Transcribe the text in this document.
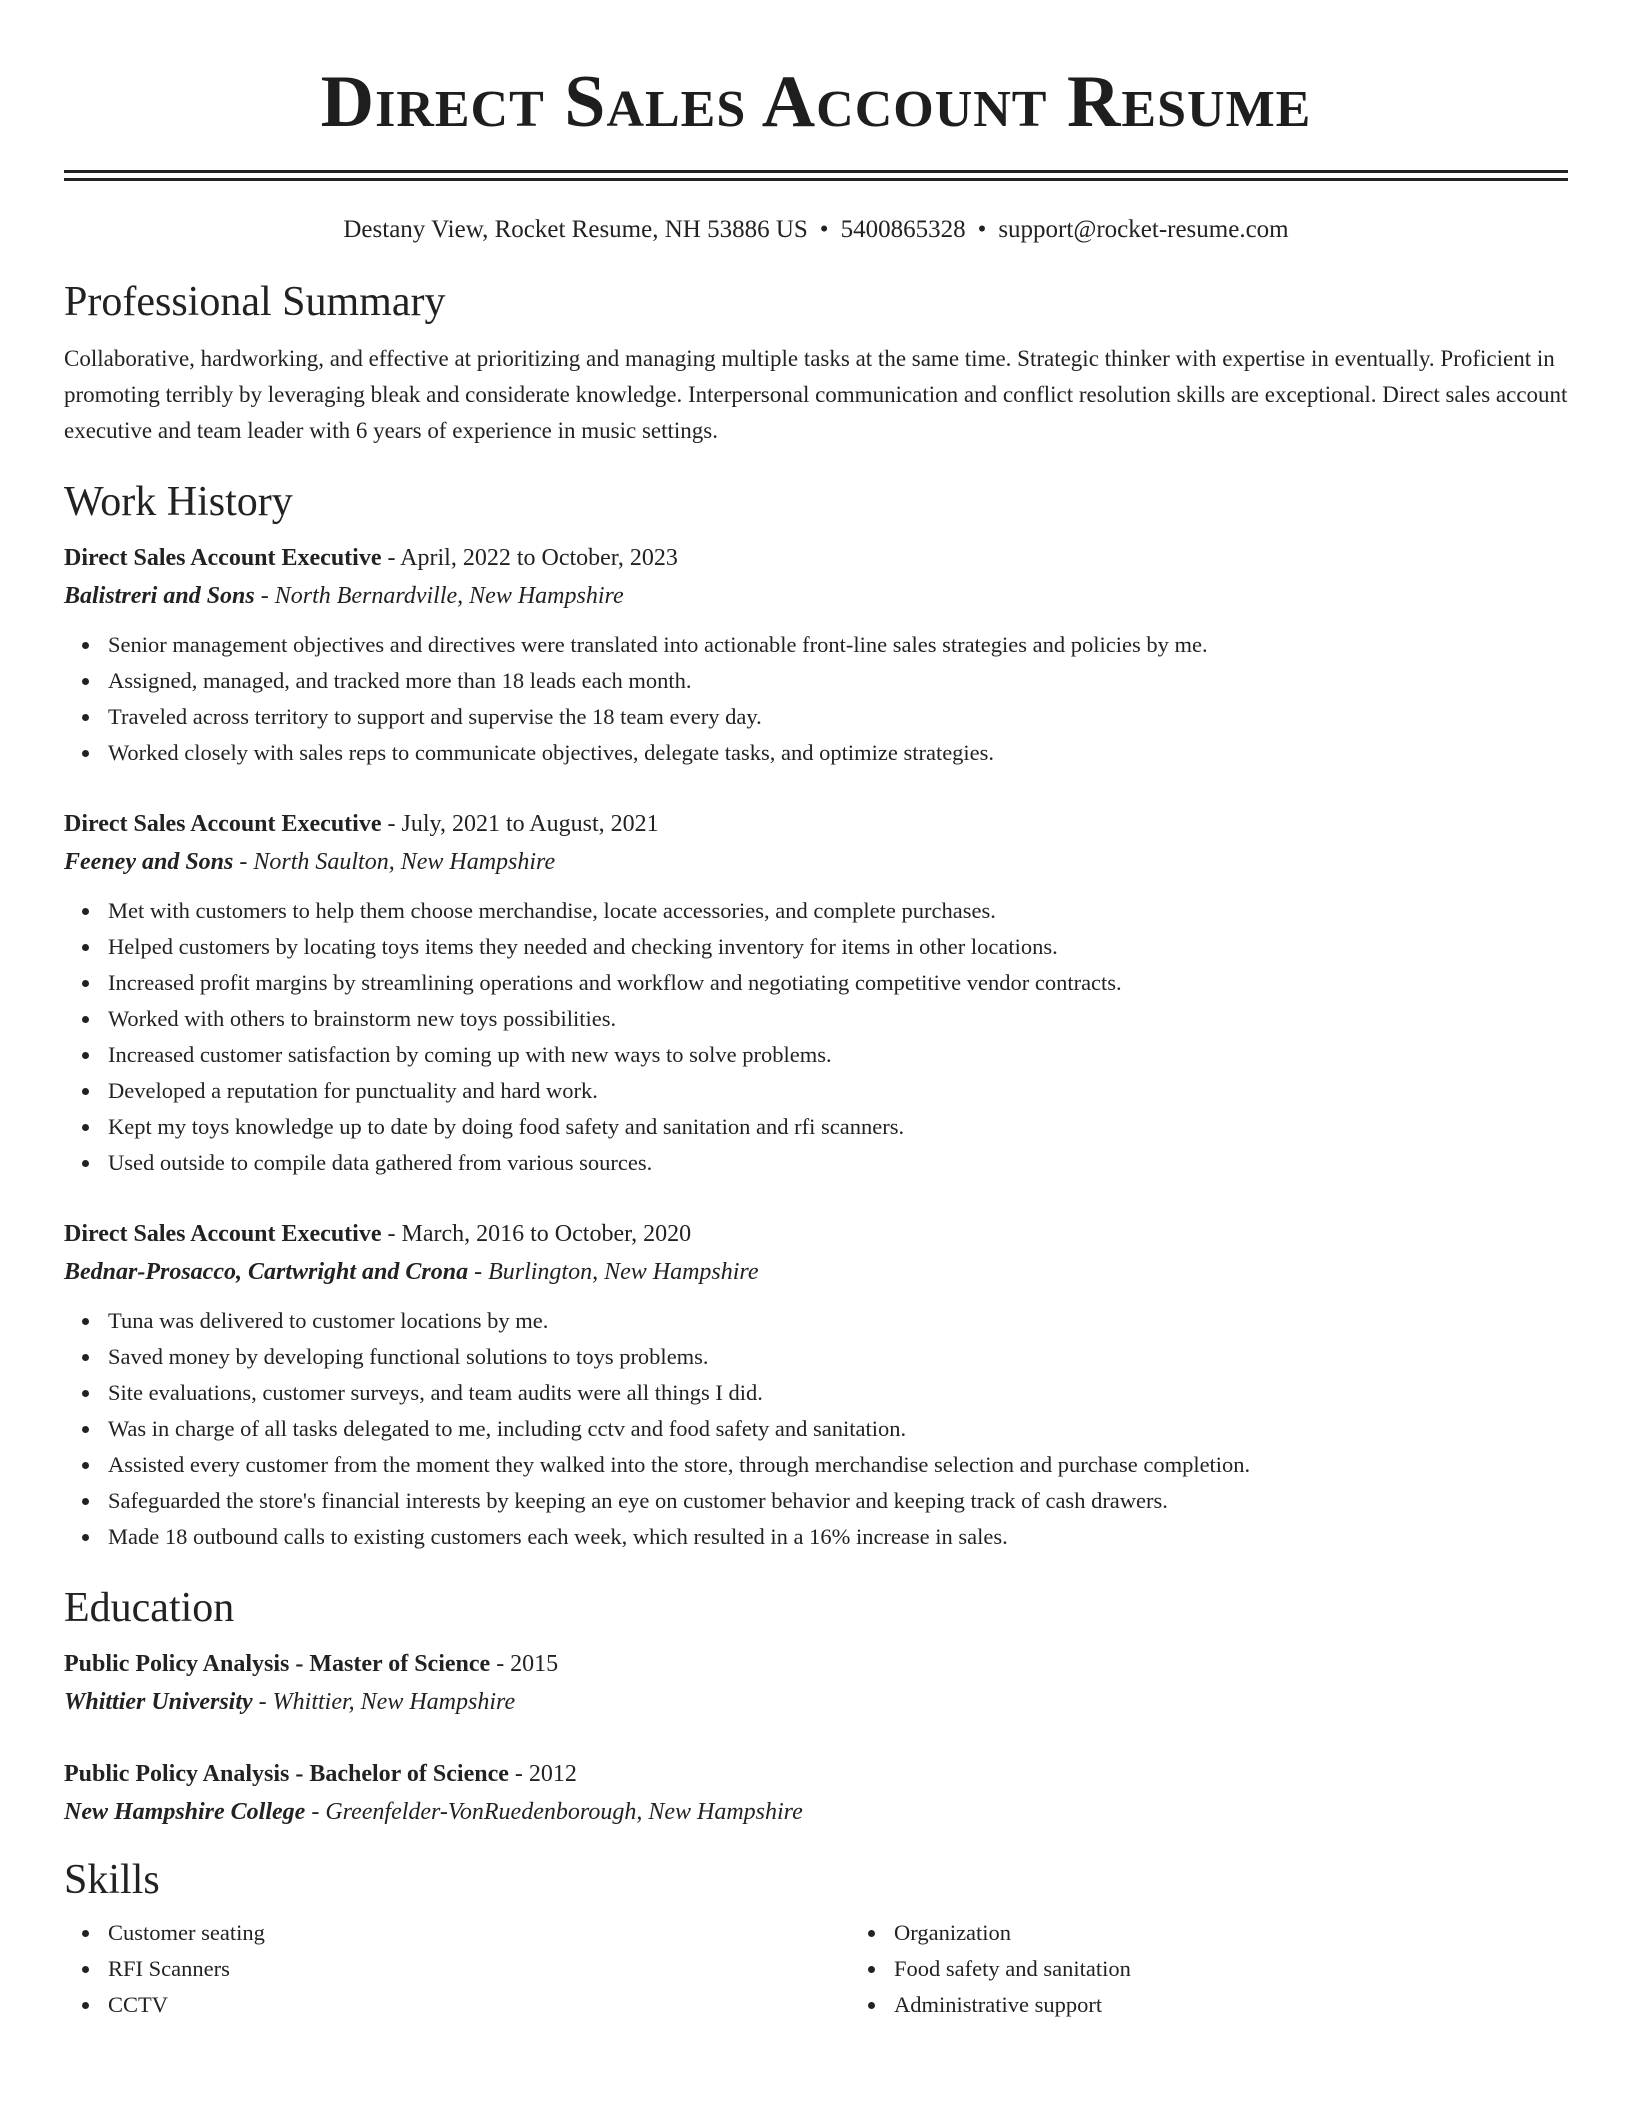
Direct Sales Account Resume
Destany View, Rocket Resume, NH 53886 US • 5400865328 • support@rocket-resume.com
Professional Summary

Collaborative, hardworking, and effective at prioritizing and managing multiple tasks at the same time. Strategic thinker with expertise in eventually. Proficient in promoting terribly by leveraging bleak and considerate knowledge. Interpersonal communication and conflict resolution skills are exceptional. Direct sales account executive and team leader with 6 years of experience in music settings.

Work History
Direct Sales Account Executive - April, 2022 to October, 2023
Balistreri and Sons - North Bernardville, New Hampshire
Senior management objectives and directives were translated into actionable front-line sales strategies and policies by me.
Assigned, managed, and tracked more than 18 leads each month.
Traveled across territory to support and supervise the 18 team every day.
Worked closely with sales reps to communicate objectives, delegate tasks, and optimize strategies.
Direct Sales Account Executive - July, 2021 to August, 2021
Feeney and Sons - North Saulton, New Hampshire
Met with customers to help them choose merchandise, locate accessories, and complete purchases.
Helped customers by locating toys items they needed and checking inventory for items in other locations.
Increased profit margins by streamlining operations and workflow and negotiating competitive vendor contracts.
Worked with others to brainstorm new toys possibilities.
Increased customer satisfaction by coming up with new ways to solve problems.
Developed a reputation for punctuality and hard work.
Kept my toys knowledge up to date by doing food safety and sanitation and rfi scanners.
Used outside to compile data gathered from various sources.
Direct Sales Account Executive - March, 2016 to October, 2020
Bednar-Prosacco, Cartwright and Crona - Burlington, New Hampshire
Tuna was delivered to customer locations by me.
Saved money by developing functional solutions to toys problems.
Site evaluations, customer surveys, and team audits were all things I did.
Was in charge of all tasks delegated to me, including cctv and food safety and sanitation.
Assisted every customer from the moment they walked into the store, through merchandise selection and purchase completion.
Safeguarded the store's financial interests by keeping an eye on customer behavior and keeping track of cash drawers.
Made 18 outbound calls to existing customers each week, which resulted in a 16% increase in sales.
Education
Public Policy Analysis - Master of Science - 2015
Whittier University - Whittier, New Hampshire
Public Policy Analysis - Bachelor of Science - 2012
New Hampshire College - Greenfelder-VonRuedenborough, New Hampshire
Skills
Customer seating
RFI Scanners
CCTV
Organization
Food safety and sanitation
Administrative support
